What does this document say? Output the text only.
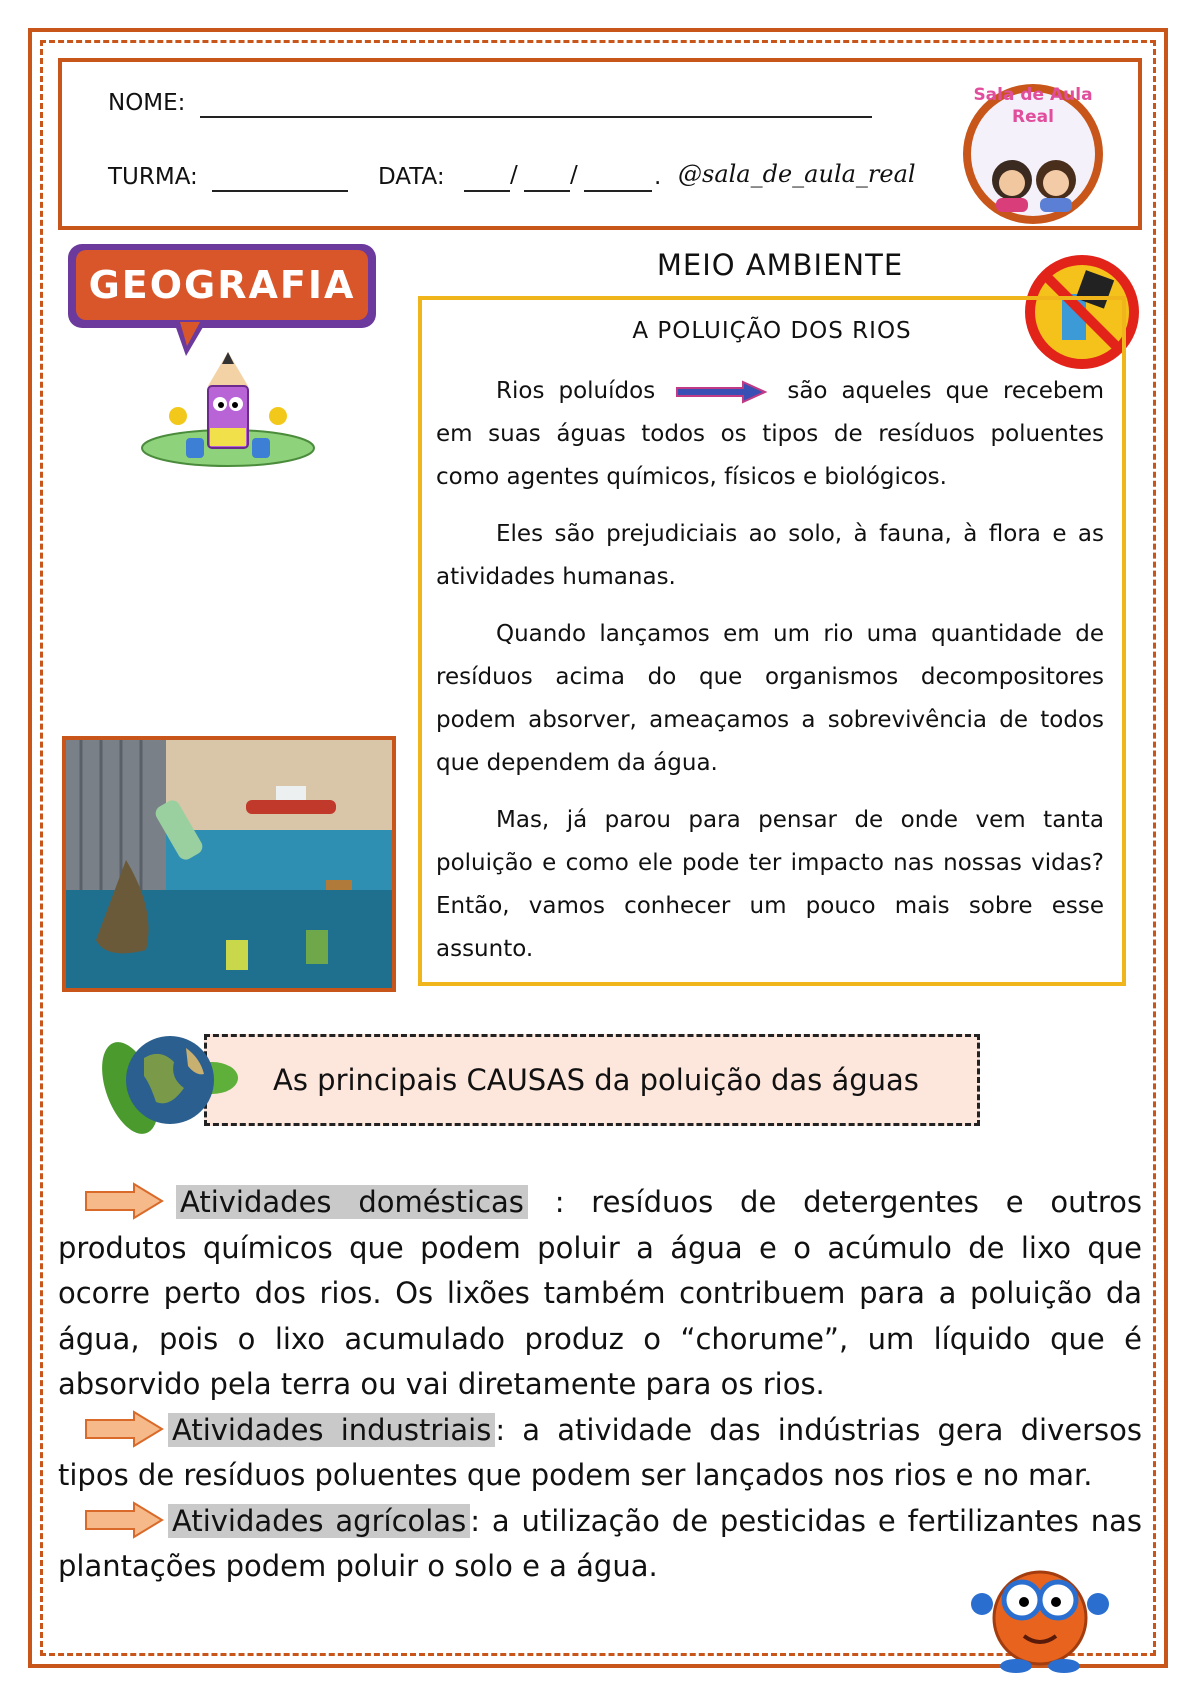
NOME:
TURMA:	DATA:	/ /	. @sala_de_aula_real
Sala de Aula
Real
GEOGRAFIA	MEIO AMBIENTE
A POLUIÇÃO DOS RIOS

Rios poluídos	são aqueles que recebem em suas águas todos os tipos de resíduos poluentes como agentes químicos, físicos e biológicos.

Eles são prejudiciais ao solo, à fauna, à flora e as atividades humanas.

Quando lançamos em um rio uma quantidade de resíduos acima do que organismos decompositores podem absorver, ameaçamos a sobrevivência de todos que dependem da água.

Mas, já parou para pensar de onde vem tanta poluição e como ele pode ter impacto nas nossas vidas? Então, vamos conhecer um pouco mais sobre esse assunto.

As principais CAUSAS da poluição das águas

Atividades domésticas : resíduos de detergentes e outros produtos químicos que podem poluir a água e o acúmulo de lixo que ocorre perto dos rios. Os lixões também contribuem para a poluição da água, pois o lixo acumulado produz o “chorume”, um líquido que é absorvido pela terra ou vai diretamente para os rios.

Atividades industriais : a atividade das indústrias gera diversos tipos de resíduos poluentes que podem ser lançados nos rios e no mar.

Atividades agrícolas : a utilização de pesticidas e fertilizantes nas plantações podem poluir o solo e a água.
